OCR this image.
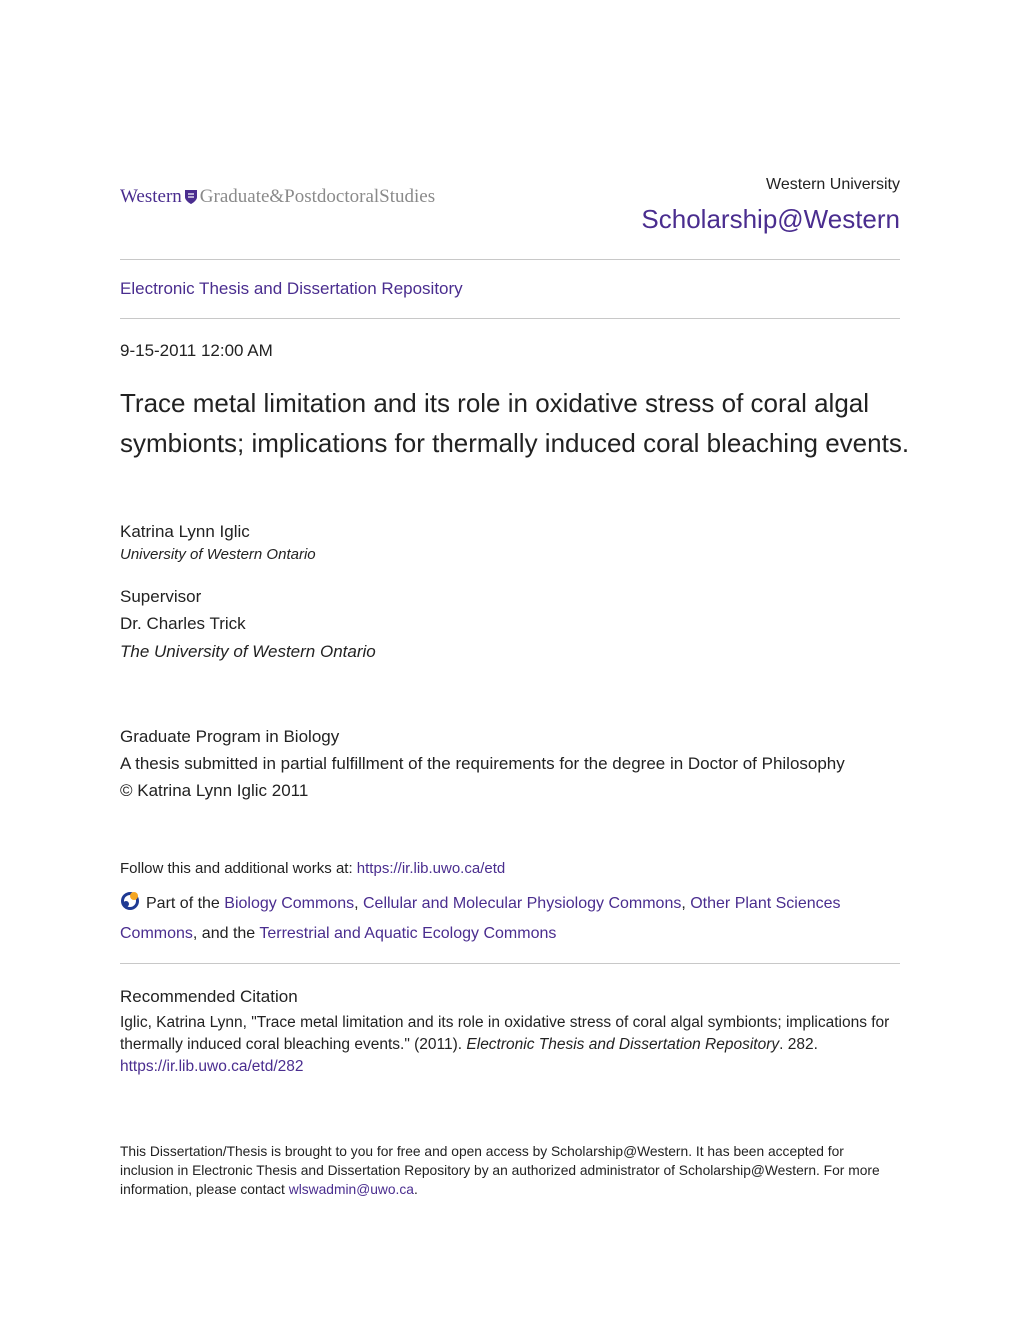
Western Graduate&PostdoctoralStudies
Western University
Scholarship@Western
Electronic Thesis and Dissertation Repository
9-15-2011 12:00 AM
Trace metal limitation and its role in oxidative stress of coral algal symbionts; implications for thermally induced coral bleaching events.
Katrina Lynn Iglic
University of Western Ontario
Supervisor
Dr. Charles Trick
The University of Western Ontario
Graduate Program in Biology
A thesis submitted in partial fulfillment of the requirements for the degree in Doctor of Philosophy
© Katrina Lynn Iglic 2011
Follow this and additional works at: https://ir.lib.uwo.ca/etd
Part of the Biology Commons, Cellular and Molecular Physiology Commons, Other Plant Sciences Commons, and the Terrestrial and Aquatic Ecology Commons
Recommended Citation
Iglic, Katrina Lynn, "Trace metal limitation and its role in oxidative stress of coral algal symbionts; implications for thermally induced coral bleaching events." (2011). Electronic Thesis and Dissertation Repository. 282.
https://ir.lib.uwo.ca/etd/282
This Dissertation/Thesis is brought to you for free and open access by Scholarship@Western. It has been accepted for inclusion in Electronic Thesis and Dissertation Repository by an authorized administrator of Scholarship@Western. For more information, please contact wlswadmin@uwo.ca.
